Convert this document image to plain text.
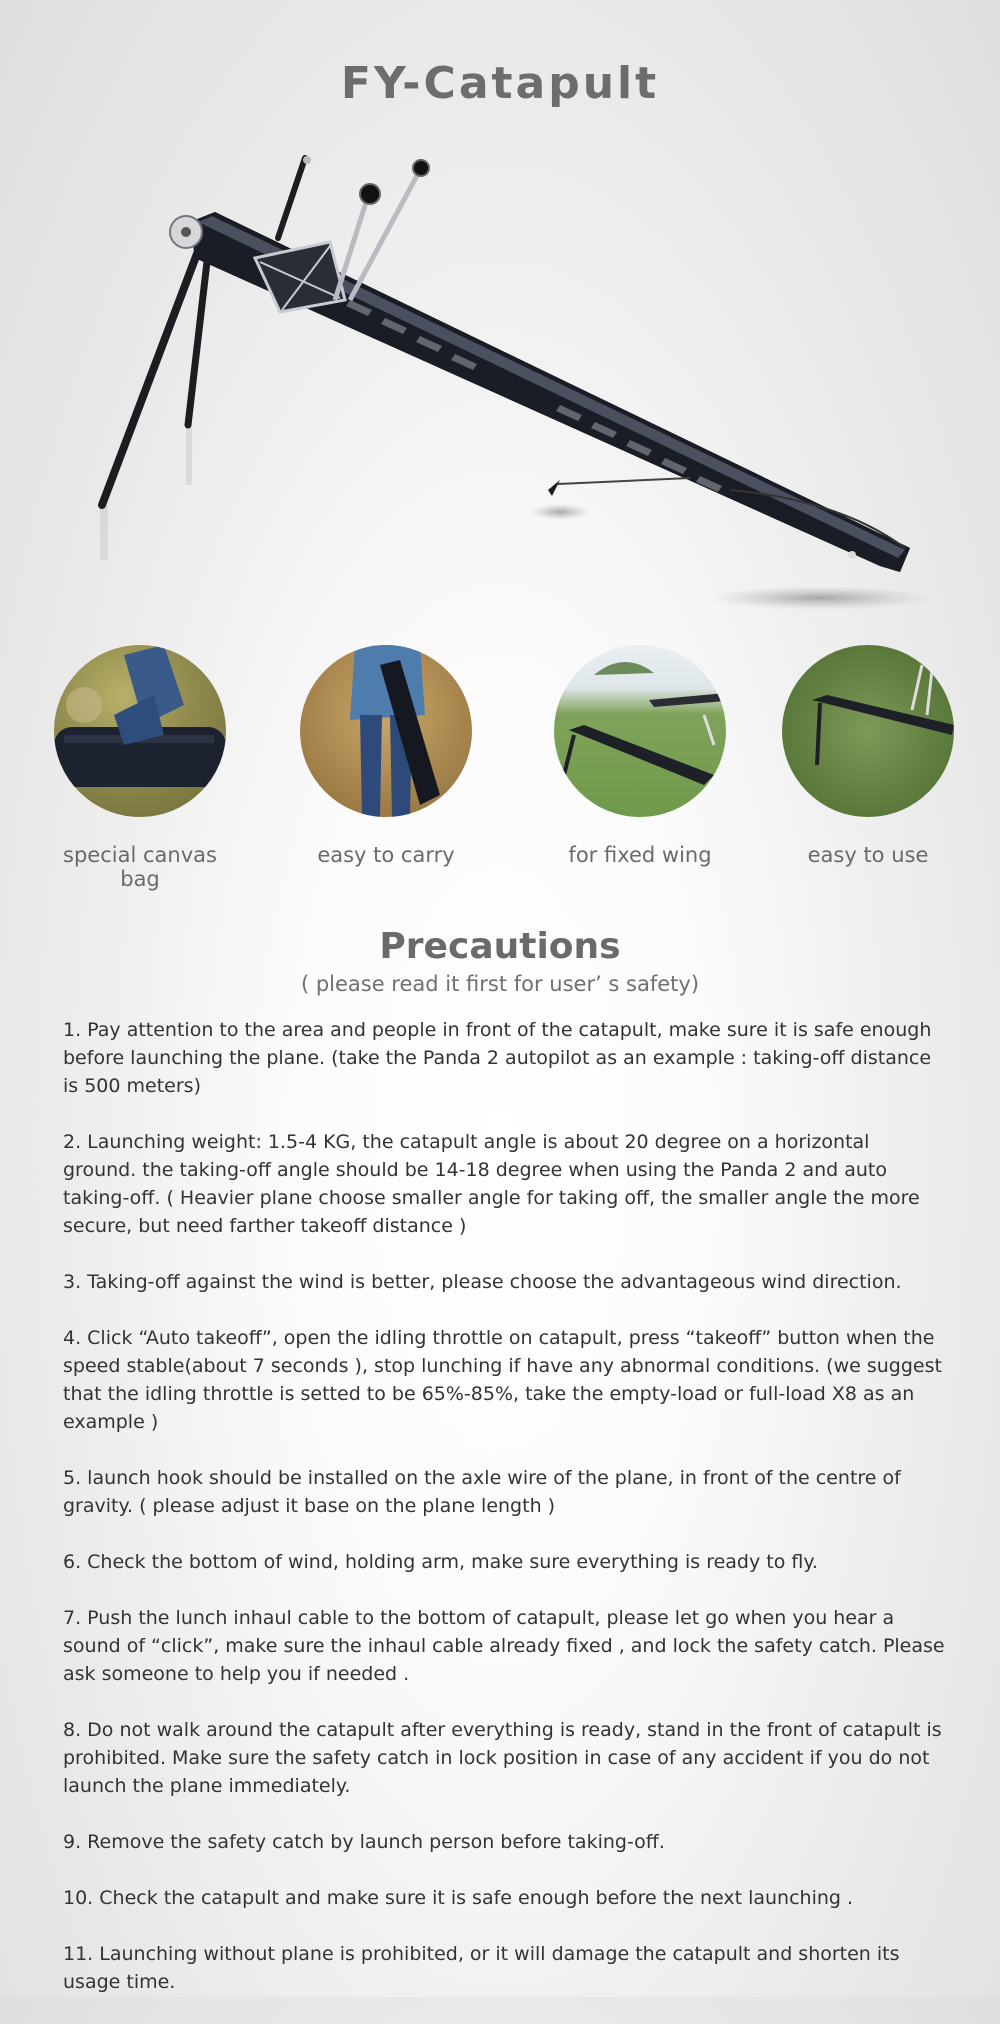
FY-Catapult
special canvas bag
easy to carry	for fixed wing	easy to use
Precautions
( please read it first for user’ s safety)
1. Pay attention to the area and people in front of the catapult, make sure it is safe enough before launching the plane. (take the Panda 2 autopilot as an example : taking-off distance is 500 meters)
2. Launching weight: 1.5-4 KG, the catapult angle is about 20 degree on a horizontal ground. the taking-off angle should be 14-18 degree when using the Panda 2 and auto taking-off. ( Heavier plane choose smaller angle for taking off, the smaller angle the more secure, but need farther takeoff distance )
3. Taking-off against the wind is better, please choose the advantageous wind direction.
4. Click “Auto takeoff”, open the idling throttle on catapult, press “takeoff” button when the speed stable(about 7 seconds ), stop lunching if have any abnormal conditions. (we suggest that the idling throttle is setted to be 65%-85%, take the empty-load or full-load X8 as an example )
5. launch hook should be installed on the axle wire of the plane, in front of the centre of gravity. ( please adjust it base on the plane length )
6. Check the bottom of wind, holding arm, make sure everything is ready to fly.
7. Push the lunch inhaul cable to the bottom of catapult, please let go when you hear a sound of “click”, make sure the inhaul cable already fixed , and lock the safety catch. Please ask someone to help you if needed .
8. Do not walk around the catapult after everything is ready, stand in the front of catapult is prohibited. Make sure the safety catch in lock position in case of any accident if you do not launch the plane immediately.
9. Remove the safety catch by launch person before taking-off.
10. Check the catapult and make sure it is safe enough before the next launching .
11. Launching without plane is prohibited, or it will damage the catapult and shorten its usage time.
